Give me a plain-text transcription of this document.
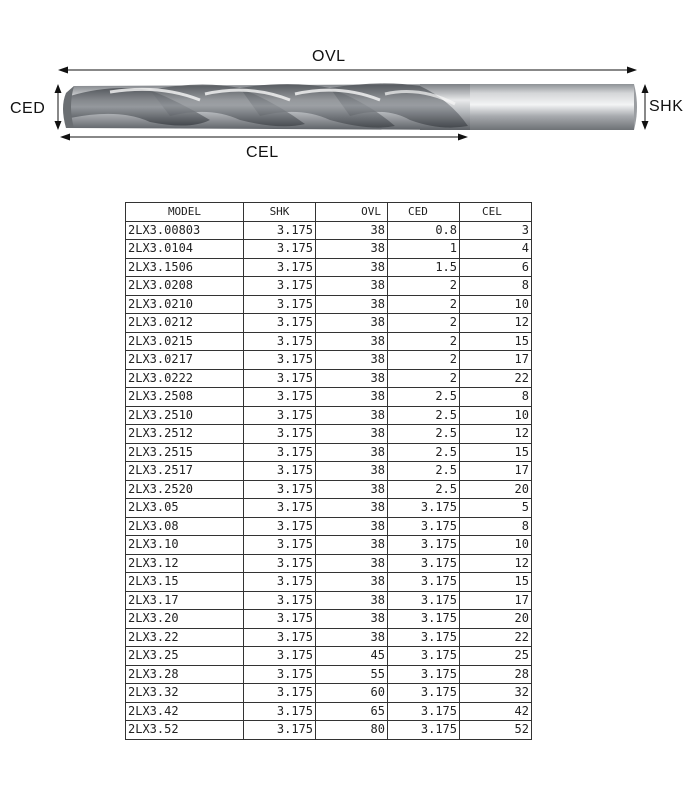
OVL
CEL
CED	SHK
MODEL	SHK	OVL	CED	CEL
2LX3.00803	3.175	38	0.8	3
2LX3.0104	3.175	38	1	4
2LX3.1506	3.175	38	1.5	6
2LX3.0208	3.175	38	2	8
2LX3.0210	3.175	38	2	10
2LX3.0212	3.175	38	2	12
2LX3.0215	3.175	38	2	15
2LX3.0217	3.175	38	2	17
2LX3.0222	3.175	38	2	22
2LX3.2508	3.175	38	2.5	8
2LX3.2510	3.175	38	2.5	10
2LX3.2512	3.175	38	2.5	12
2LX3.2515	3.175	38	2.5	15
2LX3.2517	3.175	38	2.5	17
2LX3.2520	3.175	38	2.5	20
2LX3.05	3.175	38	3.175	5
2LX3.08	3.175	38	3.175	8
2LX3.10	3.175	38	3.175	10
2LX3.12	3.175	38	3.175	12
2LX3.15	3.175	38	3.175	15
2LX3.17	3.175	38	3.175	17
2LX3.20	3.175	38	3.175	20
2LX3.22	3.175	38	3.175	22
2LX3.25	3.175	45	3.175	25
2LX3.28	3.175	55	3.175	28
2LX3.32	3.175	60	3.175	32
2LX3.42	3.175	65	3.175	42
2LX3.52	3.175	80	3.175	52
